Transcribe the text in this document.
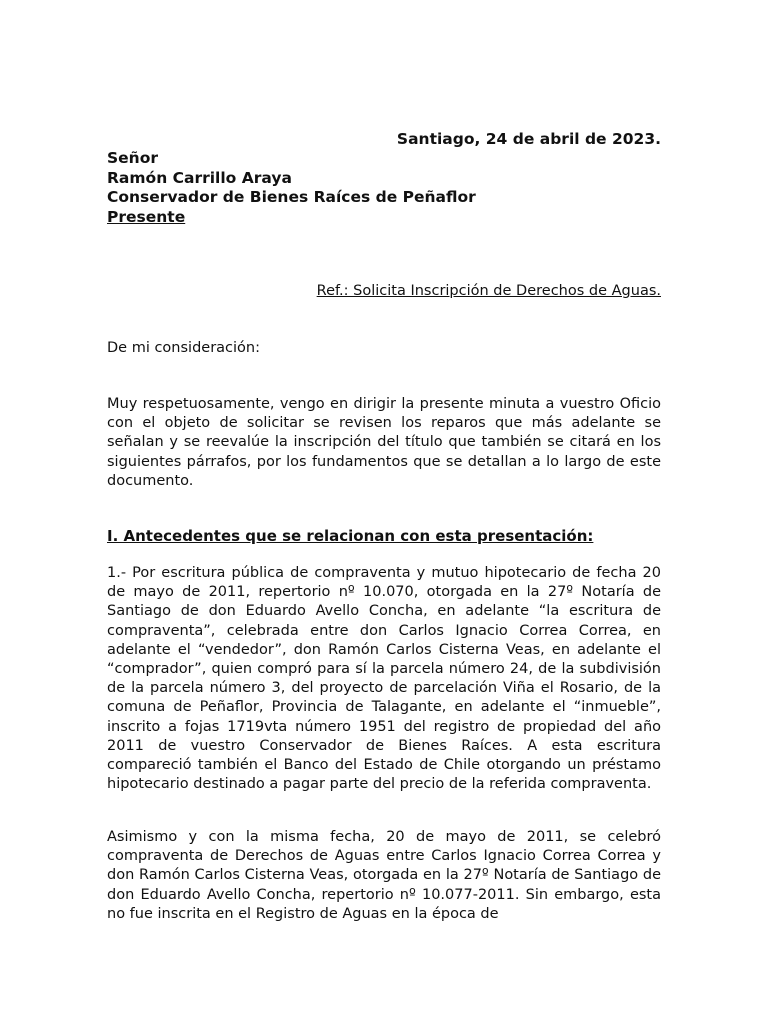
Santiago, 24 de abril de 2023.
Señor
Ramón Carrillo Araya
Conservador de Bienes Raíces de Peñaflor
Presente
Ref.: Solicita Inscripción de Derechos de Aguas.
De mi consideración:
Muy respetuosamente, vengo en dirigir la presente minuta a vuestro Oficio con el objeto de solicitar se revisen los reparos que más adelante se señalan y se reevalúe la inscripción del título que también se citará en los siguientes párrafos, por los fundamentos que se detallan a lo largo de este documento.
I. Antecedentes que se relacionan con esta presentación:
1.- Por escritura pública de compraventa y mutuo hipotecario de fecha 20 de mayo de 2011, repertorio nº 10.070, otorgada en la 27º Notaría de Santiago de don Eduardo Avello Concha, en adelante “la escritura de compraventa”, celebrada entre don Carlos Ignacio Correa Correa, en adelante el “vendedor”, don Ramón Carlos Cisterna Veas, en adelante el “comprador”, quien compró para sí la parcela número 24, de la subdivisión de la parcela número 3, del proyecto de parcelación Viña el Rosario, de la comuna de Peñaflor, Provincia de Talagante, en adelante el “inmueble”, inscrito a fojas 1719vta número 1951 del registro de propiedad del año 2011 de vuestro Conservador de Bienes Raíces. A esta escritura compareció también el Banco del Estado de Chile otorgando un préstamo hipotecario destinado a pagar parte del precio de la referida compraventa.
Asimismo y con la misma fecha, 20 de mayo de 2011, se celebró compraventa de Derechos de Aguas entre Carlos Ignacio Correa Correa y don Ramón Carlos Cisterna Veas, otorgada en la 27º Notaría de Santiago de don Eduardo Avello Concha, repertorio nº 10.077-2011. Sin embargo, esta no fue inscrita en el Registro de Aguas en la época de
